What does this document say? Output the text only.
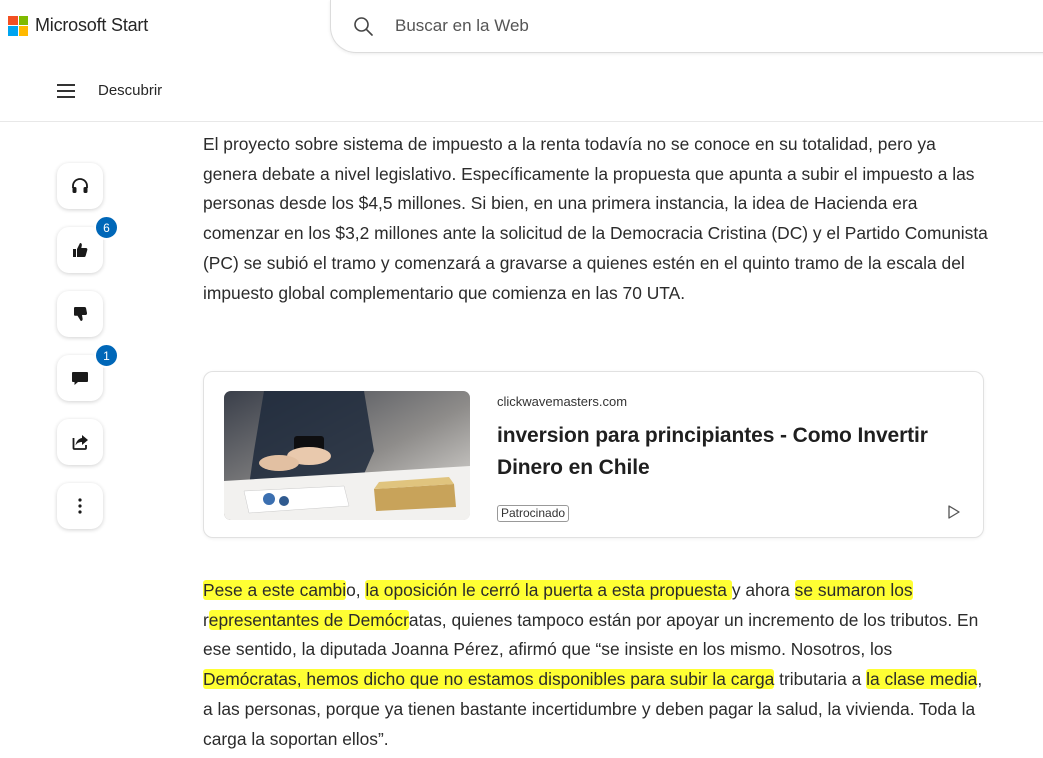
Microsoft Start
Buscar en la Web
Descubrir
6
1

El proyecto sobre sistema de impuesto a la renta todavía no se conoce en su totalidad, pero ya genera debate a nivel legislativo. Específicamente la propuesta que apunta a subir el impuesto a las personas desde los $4,5 millones. Si bien, en una primera instancia, la idea de Hacienda era comenzar en los $3,2 millones ante la solicitud de la Democracia Cristina (DC) y el Partido Comunista (PC) se subió el tramo y comenzará a gravarse a quienes estén en el quinto tramo de la escala del impuesto global complementario que comienza en las 70 UTA.

clickwavemasters.com
inversion para principiantes - Como Invertir Dinero en Chile
Patrocinado

Pese a este cambio, la oposición le cerró la puerta a esta propuesta y ahora se sumaron los representantes de Demócratas, quienes tampoco están por apoyar un incremento de los tributos. En ese sentido, la diputada Joanna Pérez, afirmó que “se insiste en los mismo. Nosotros, los Demócratas, hemos dicho que no estamos disponibles para subir la carga tributaria a la clase media, a las personas, porque ya tienen bastante incertidumbre y deben pagar la salud, la vivienda. Toda la carga la soportan ellos”.
